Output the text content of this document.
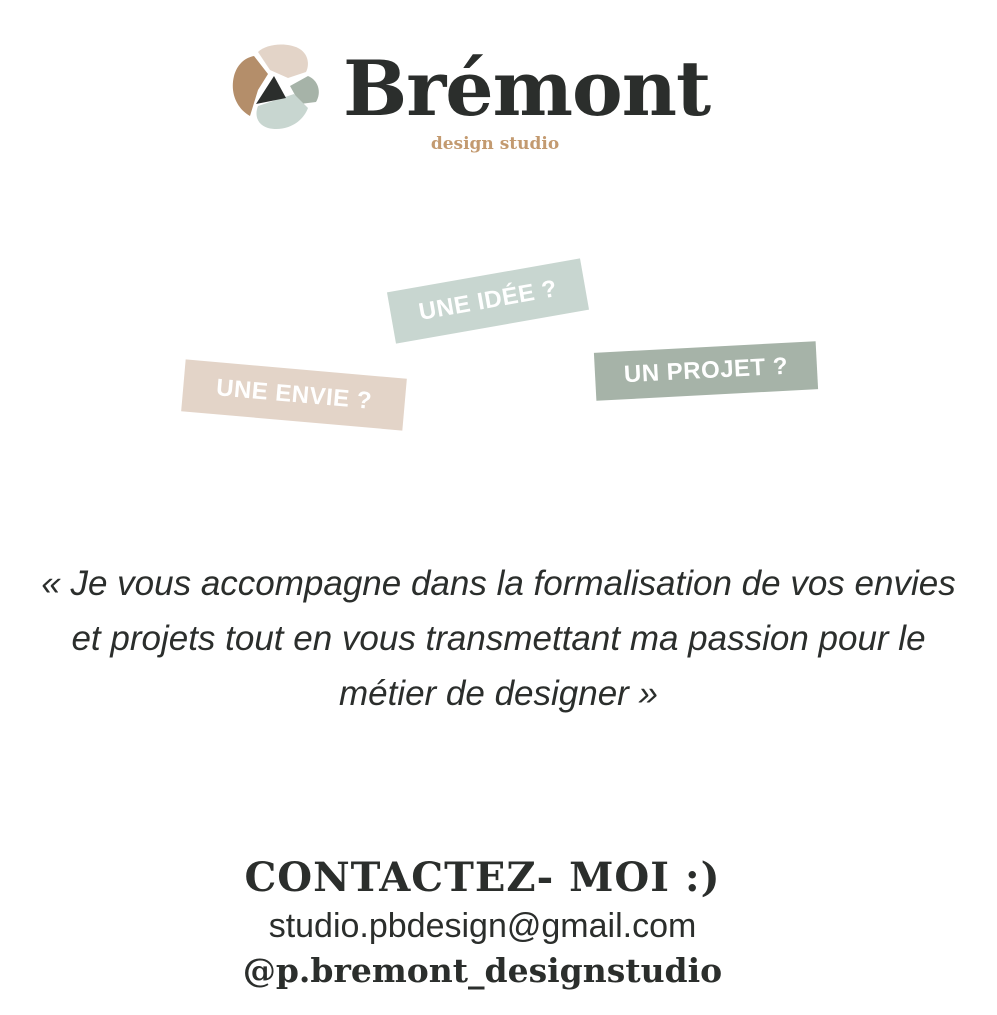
Brémont
design studio
UNE IDÉE ?
UN PROJET ?
UNE ENVIE ?
« Je vous accompagne dans la formalisation de vos envies et projets tout en vous transmettant ma passion pour le métier de designer »
CONTACTEZ- MOI :)
studio.pbdesign@gmail.com
@p.bremont_designstudio
